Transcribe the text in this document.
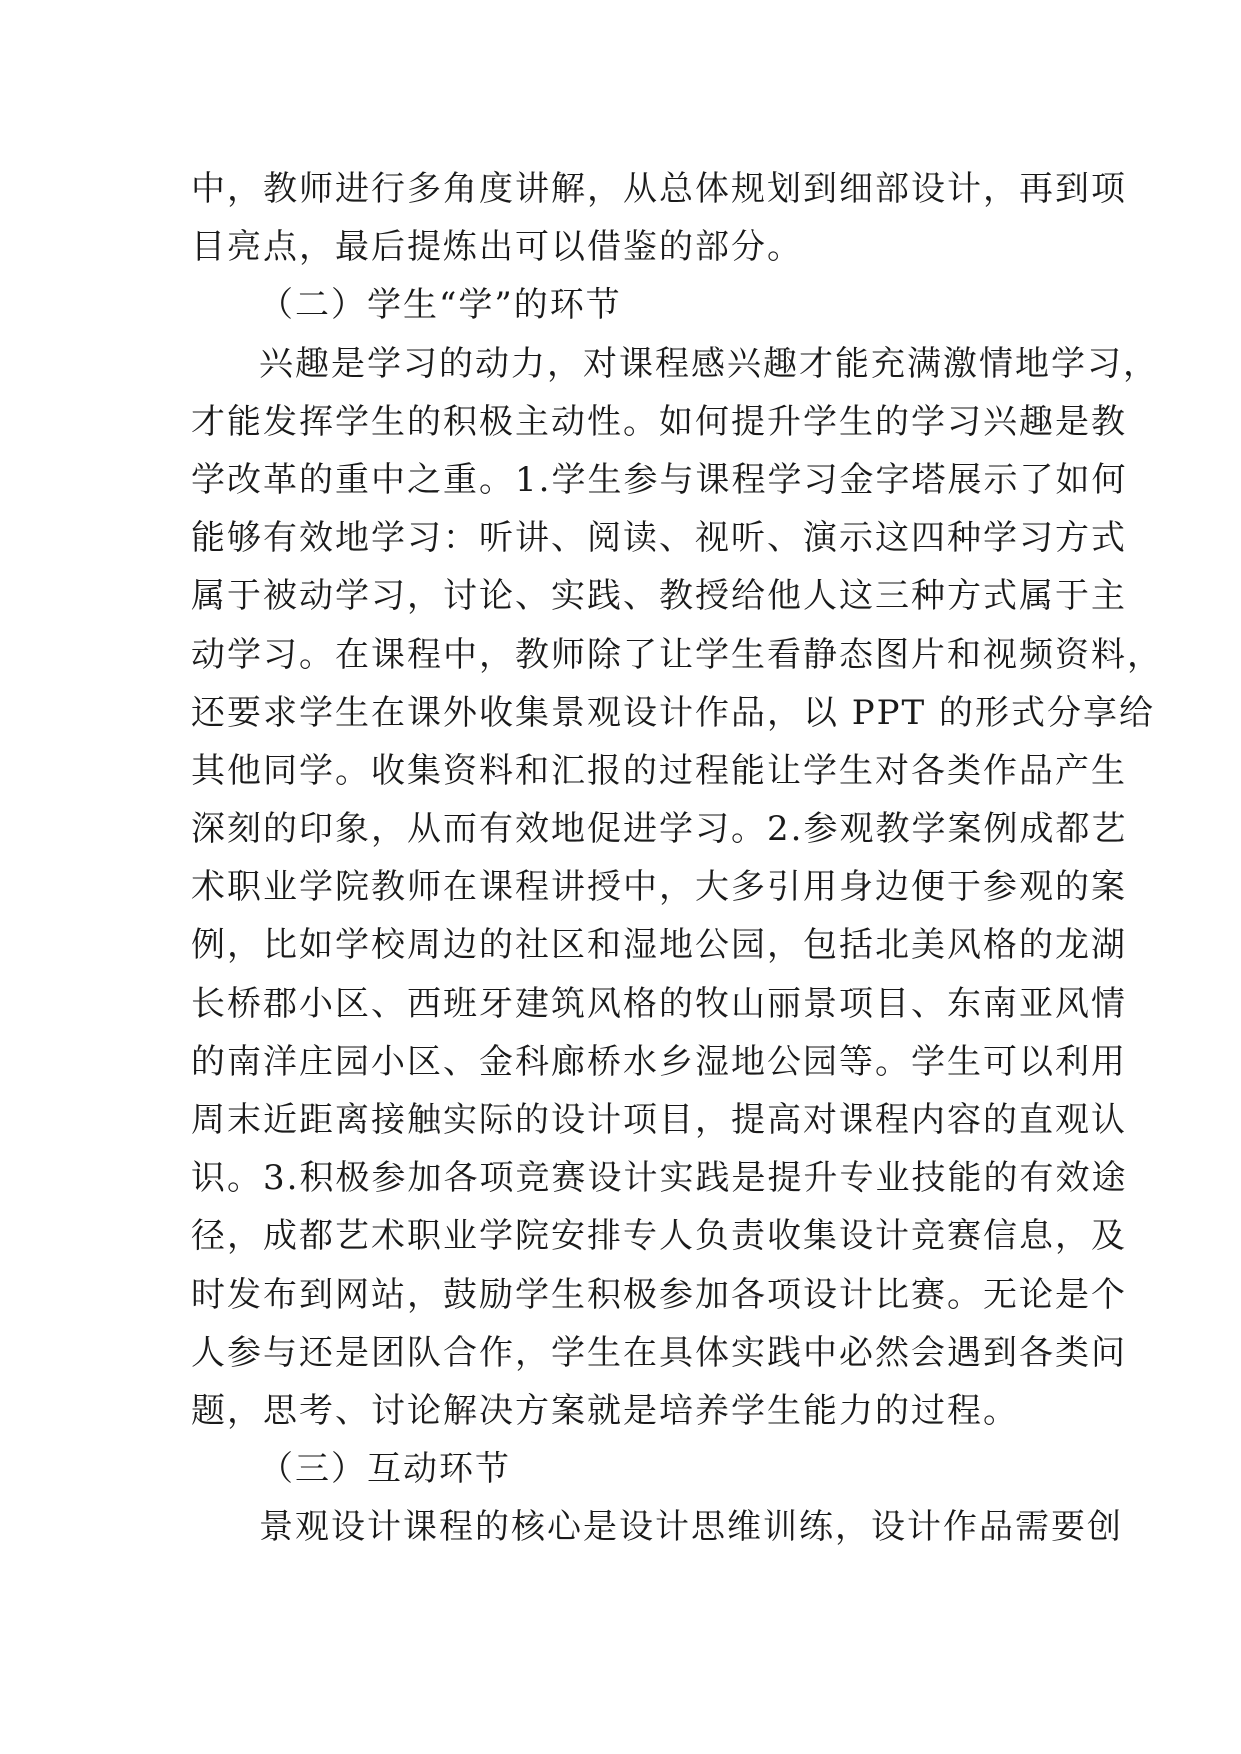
中，教师进行多角度讲解，从总体规划到细部设计，再到项
目亮点，最后提炼出可以借鉴的部分。
（二）学生“学”的环节
兴趣是学习的动力，对课程感兴趣才能充满激情地学习，
才能发挥学生的积极主动性。如何提升学生的学习兴趣是教
学改革的重中之重。1.学生参与课程学习金字塔展示了如何
能够有效地学习：听讲、阅读、视听、演示这四种学习方式
属于被动学习，讨论、实践、教授给他人这三种方式属于主
动学习。在课程中，教师除了让学生看静态图片和视频资料，
还要求学生在课外收集景观设计作品，以 PPT 的形式分享给
其他同学。收集资料和汇报的过程能让学生对各类作品产生
深刻的印象，从而有效地促进学习。2.参观教学案例成都艺
术职业学院教师在课程讲授中，大多引用身边便于参观的案
例，比如学校周边的社区和湿地公园，包括北美风格的龙湖
长桥郡小区、西班牙建筑风格的牧山丽景项目、东南亚风情
的南洋庄园小区、金科廊桥水乡湿地公园等。学生可以利用
周末近距离接触实际的设计项目，提高对课程内容的直观认
识。3.积极参加各项竞赛设计实践是提升专业技能的有效途
径，成都艺术职业学院安排专人负责收集设计竞赛信息，及
时发布到网站，鼓励学生积极参加各项设计比赛。无论是个
人参与还是团队合作，学生在具体实践中必然会遇到各类问
题，思考、讨论解决方案就是培养学生能力的过程。
（三）互动环节
景观设计课程的核心是设计思维训练，设计作品需要创
